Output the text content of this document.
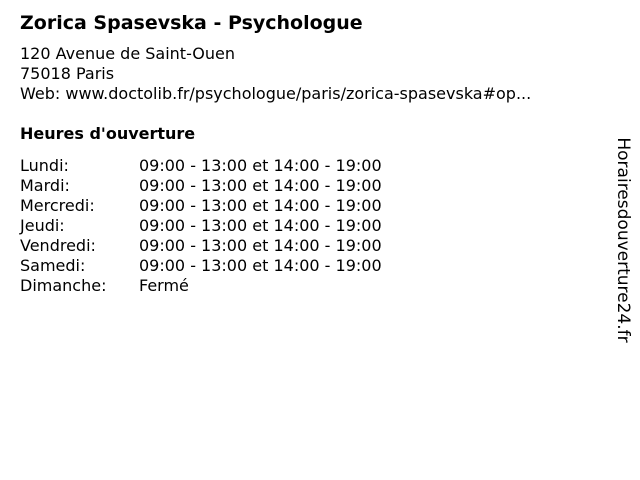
Zorica Spasevska - Psychologue
120 Avenue de Saint-Ouen
75018 Paris
Web: www.doctolib.fr/psychologue/paris/zorica-spasevska#op...
Heures d'ouverture
Lundi:	09:00 - 13:00 et 14:00 - 19:00
Mardi:	09:00 - 13:00 et 14:00 - 19:00
Mercredi:	09:00 - 13:00 et 14:00 - 19:00
Jeudi:	09:00 - 13:00 et 14:00 - 19:00
Vendredi:	09:00 - 13:00 et 14:00 - 19:00
Samedi:	09:00 - 13:00 et 14:00 - 19:00
Dimanche:	Fermé	Horairesdouverture24.fr
